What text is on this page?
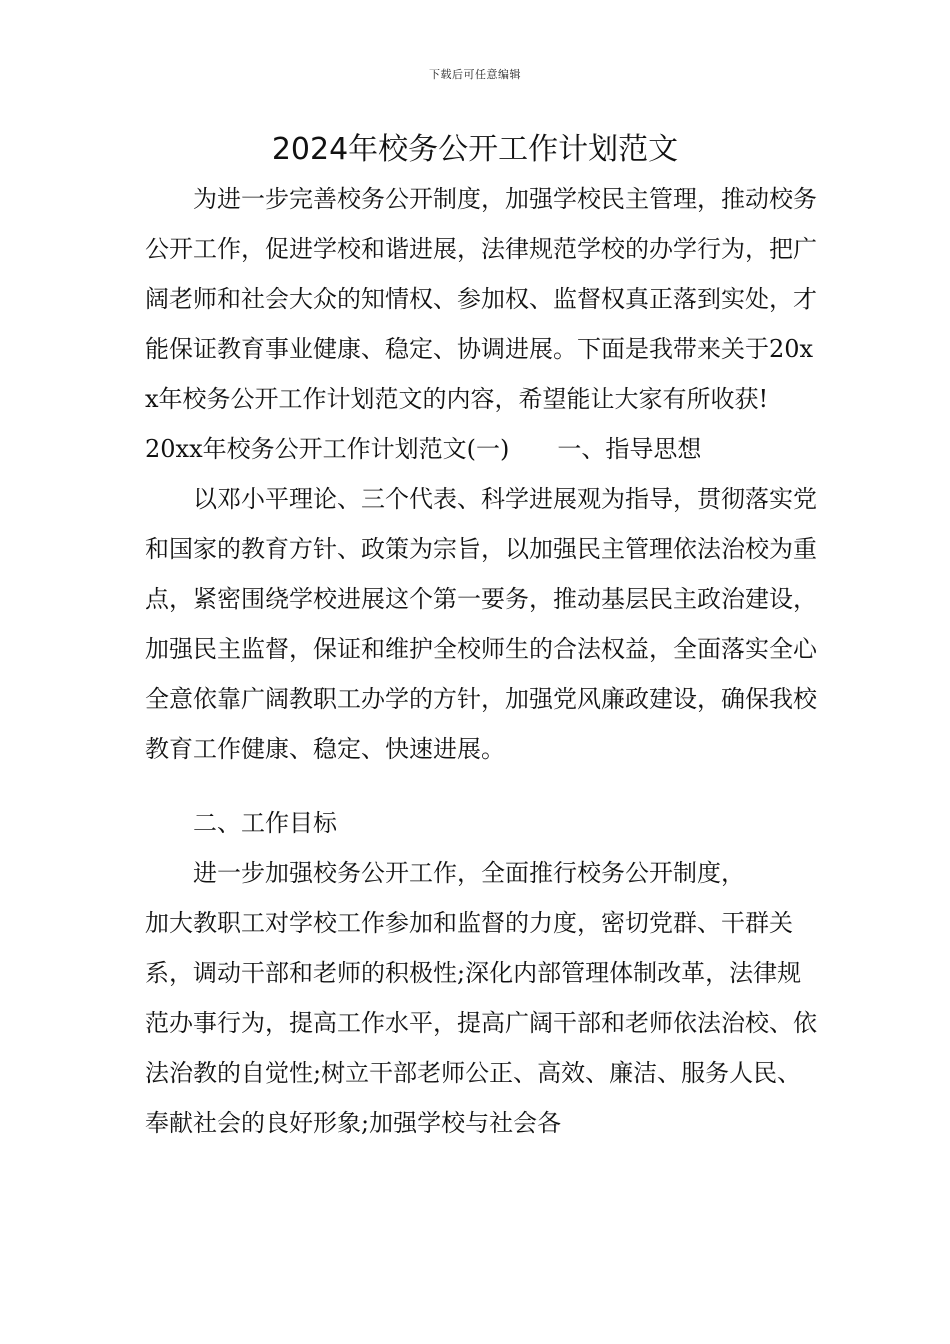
下载后可任意编辑
2024年校务公开工作计划范文

为进一步完善校务公开制度，加强学校民主管理，推动校务公开工作，促进学校和谐进展，法律规范学校的办学行为，把广阔老师和社会大众的知情权、参加权、监督权真正落到实处，才能保证教育事业健康、稳定、协调进展。下面是我带来关于20xx年校务公开工作计划范文的内容，希望能让大家有所收获!

20xx年校务公开工作计划范文(一)　　一、指导思想

以邓小平理论、三个代表、科学进展观为指导，贯彻落实党和国家的教育方针、政策为宗旨，以加强民主管理依法治校为重点，紧密围绕学校进展这个第一要务，推动基层民主政治建设，加强民主监督，保证和维护全校师生的合法权益，全面落实全心全意依靠广阔教职工办学的方针，加强党风廉政建设，确保我校教育工作健康、稳定、快速进展。

二、工作目标

进一步加强校务公开工作，全面推行校务公开制度，

加大教职工对学校工作参加和监督的力度，密切党群、干群关系，调动干部和老师的积极性;深化内部管理体制改革，法律规范办事行为，提高工作水平，提高广阔干部和老师依法治校、依法治教的自觉性;树立干部老师公正、高效、廉洁、服务人民、奉献社会的良好形象;加强学校与社会各
